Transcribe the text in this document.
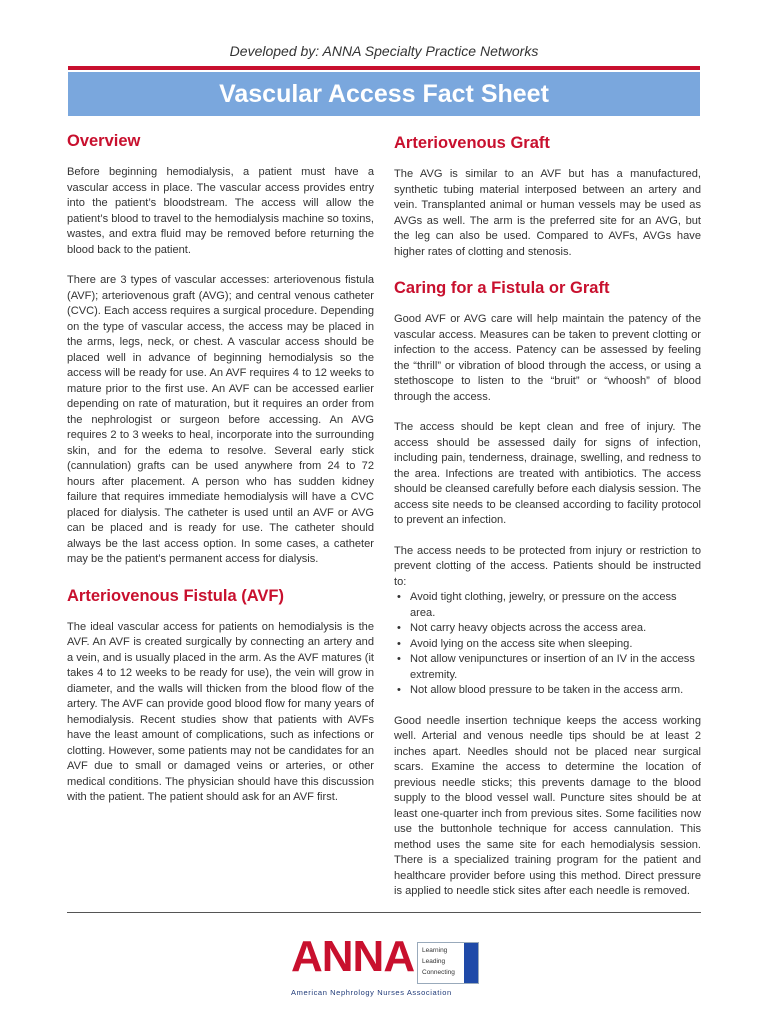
Developed by: ANNA Specialty Practice Networks
Vascular Access Fact Sheet
Overview

Before beginning hemodialysis, a patient must have a vascular access in place. The vascular access provides entry into the patient’s bloodstream. The access will allow the patient’s blood to travel to the hemodialysis machine so toxins, wastes, and extra fluid may be removed before returning the blood back to the patient.

There are 3 types of vascular accesses: arteriovenous fistula (AVF); arteriovenous graft (AVG); and central venous catheter (CVC). Each access requires a surgical procedure. Depending on the type of vascular access, the access may be placed in the arms, legs, neck, or chest. A vascular access should be placed well in advance of beginning hemodialysis so the access will be ready for use. An AVF requires 4 to 12 weeks to mature prior to the first use. An AVF can be accessed earlier depending on rate of maturation, but it requires an order from the nephrologist or surgeon before accessing. An AVG requires 2 to 3 weeks to heal, incorporate into the surrounding skin, and for the edema to resolve. Several early stick (cannulation) grafts can be used anywhere from 24 to 72 hours after placement. A person who has sudden kidney failure that requires immediate hemodialysis will have a CVC placed for dialysis. The catheter is used until an AVF or AVG can be placed and is ready for use. The catheter should always be the last access option. In some cases, a catheter may be the patient’s permanent access for dialysis.

Arteriovenous Fistula (AVF)

The ideal vascular access for patients on hemodialysis is the AVF. An AVF is created surgically by connecting an artery and a vein, and is usually placed in the arm. As the AVF matures (it takes 4 to 12 weeks to be ready for use), the vein will grow in diameter, and the walls will thicken from the blood flow of the artery. The AVF can provide good blood flow for many years of hemodialysis. Recent studies show that patients with AVFs have the least amount of complications, such as infections or clotting. However, some patients may not be candidates for an AVF due to small or damaged veins or arteries, or other medical conditions. The physician should have this discussion with the patient. The patient should ask for an AVF first.

Arteriovenous Graft

The AVG is similar to an AVF but has a manufactured, synthetic tubing material interposed between an artery and vein. Transplanted animal or human vessels may be used as AVGs as well. The arm is the preferred site for an AVG, but the leg can also be used. Compared to AVFs, AVGs have higher rates of clotting and stenosis.

Caring for a Fistula or Graft

Good AVF or AVG care will help maintain the patency of the vascular access. Measures can be taken to prevent clotting or infection to the access. Patency can be assessed by feeling the “thrill” or vibration of blood through the access, or using a stethoscope to listen to the “bruit” or “whoosh” of blood through the access.

The access should be kept clean and free of injury. The access should be assessed daily for signs of infection, including pain, tenderness, drainage, swelling, and redness to the area. Infections are treated with antibiotics. The access should be cleansed carefully before each dialysis session. The access site needs to be cleansed according to facility protocol to prevent an infection.

The access needs to be protected from injury or restriction to prevent clotting of the access. Patients should be instructed to:

• Avoid tight clothing, jewelry, or pressure on the access area.
• Not carry heavy objects across the access area.
• Avoid lying on the access site when sleeping.
• Not allow venipunctures or insertion of an IV in the access extremity.
• Not allow blood pressure to be taken in the access arm.

Good needle insertion technique keeps the access working well. Arterial and venous needle tips should be at least 2 inches apart. Needles should not be placed near surgical scars. Examine the access to determine the location of previous needle sticks; this prevents damage to the blood supply to the blood vessel wall. Puncture sites should be at least one-quarter inch from previous sites. Some facilities now use the buttonhole technique for access cannulation. This method uses the same site for each hemodialysis session. There is a specialized training program for the patient and healthcare provider before using this method. Direct pressure is applied to needle stick sites after each needle is removed.

ANNA Learning
Leading
Connecting
American Nephrology Nurses Association
